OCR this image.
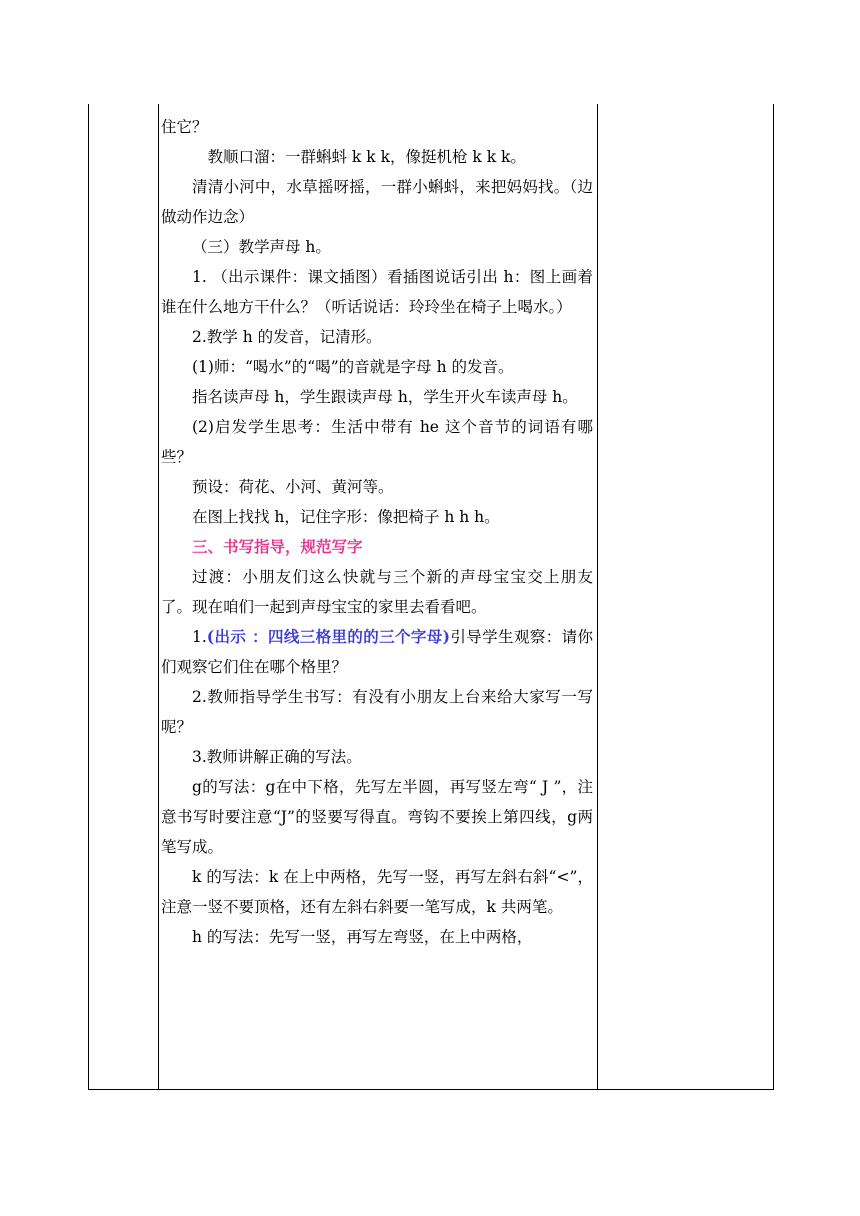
住它？

教顺口溜：一群蝌蚪 k k k，像挺机枪 k k k。

清清小河中，水草摇呀摇，一群小蝌蚪，来把妈妈找。（边做动作边念）

（三）教学声母 h。

1. （出示课件：课文插图）看插图说话引出 h：图上画着谁在什么地方干什么？（听话说话：玲玲坐在椅子上喝水。）

2.教学 h 的发音，记清形。

(1)师：“喝水”的“喝”的音就是字母 h 的发音。

指名读声母 h，学生跟读声母 h，学生开火车读声母 h。

(2)启发学生思考：生活中带有 he 这个音节的词语有哪些？

预设：荷花、小河、黄河等。

在图上找找 h，记住字形：像把椅子 h h h。

三、书写指导，规范写字

过渡：小朋友们这么快就与三个新的声母宝宝交上朋友了。现在咱们一起到声母宝宝的家里去看看吧。

1.(出示 ：四线三格里的的三个字母)引导学生观察：请你们观察它们住在哪个格里？

2.教师指导学生书写：有没有小朋友上台来给大家写一写呢？

3.教师讲解正确的写法。

g的写法：g在中下格，先写左半圆，再写竖左弯“ J ”，注意书写时要注意“J”的竖要写得直。弯钩不要挨上第四线，g两笔写成。

k 的写法：k 在上中两格，先写一竖，再写左斜右斜“<”，注意一竖不要顶格，还有左斜右斜要一笔写成，k 共两笔。

h 的写法：先写一竖，再写左弯竖，在上中两格，
